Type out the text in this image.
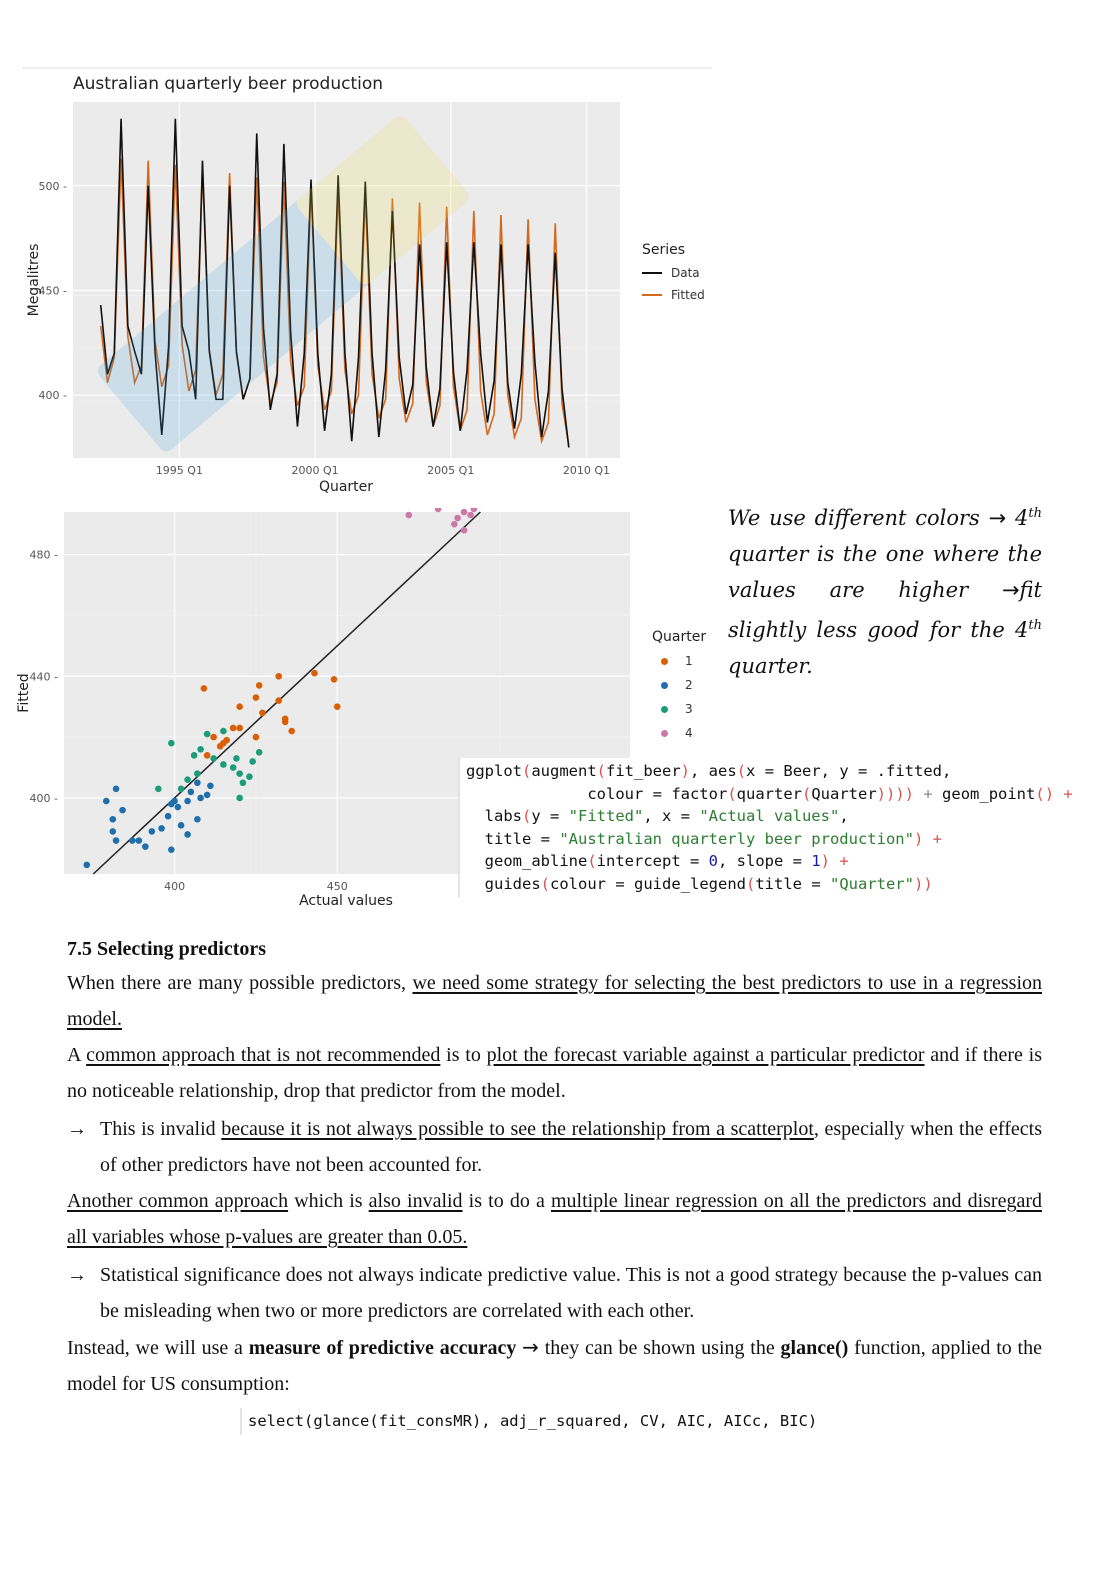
Australian quarterly beer production
400 -
450 -
500 -
1995 Q1	2000 Q1	2005 Q1	2010 Q1
Quarter
Megalitres	Series
Data
Fitted
400 -
440 -
480 -
400	450
Actual values
Fitted
Quarter
1
2
3
4
We use different colors → 4th quarter is the one where the values are higher →fit slightly less good for the 4th quarter.
ggplot(augment(fit_beer), aes(x = Beer, y = .fitted,
colour = factor(quarter(Quarter)))) + geom_point() +
labs(y = "Fitted", x = "Actual values",
title = "Australian quarterly beer production") +
geom_abline(intercept = 0, slope = 1) +
guides(colour = guide_legend(title = "Quarter"))
7.5 Selecting predictors
When there are many possible predictors, we need some strategy for selecting the best predictors to use in a regression model.
A common approach that is not recommended is to plot the forecast variable against a particular predictor and if there is no noticeable relationship, drop that predictor from the model.
→ This is invalid because it is not always possible to see the relationship from a scatterplot, especially when the effects of other predictors have not been accounted for.
Another common approach which is also invalid is to do a multiple linear regression on all the predictors and disregard all variables whose p-values are greater than 0.05.
→ Statistical significance does not always indicate predictive value. This is not a good strategy because the p-values can be misleading when two or more predictors are correlated with each other.
Instead, we will use a measure of predictive accuracy → they can be shown using the glance() function, applied to the model for US consumption:
select(glance(fit_consMR), adj_r_squared, CV, AIC, AICc, BIC)
